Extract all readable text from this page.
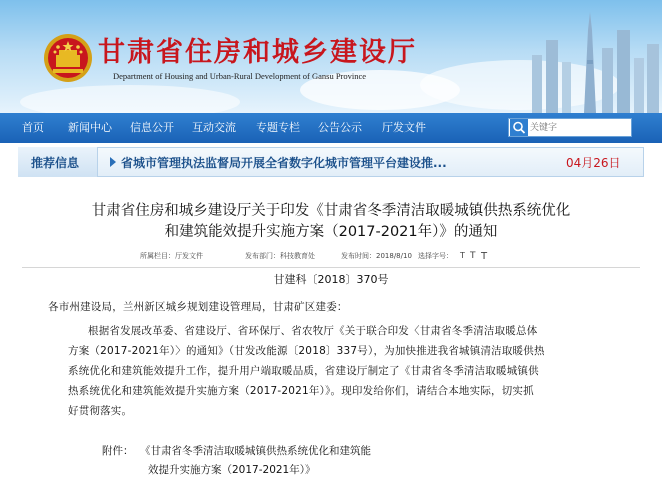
甘肃省住房和城乡建设厅
Department of Housing and Urban-Rural Development of Gansu Province
首页 新闻中心 信息公开 互动交流 专题专栏 公告公示 厅发文件
关键字
推荐信息	省城市管理执法监督局开展全省数字化城市管理平台建设推...	04月26日
甘肃省住房和城乡建设厅关于印发《甘肃省冬季清洁取暖城镇供热系统优化
和建筑能效提升实施方案（2017-2021年）》的通知
所属栏目：厅发文件	发布部门：科技教育处	发布时间：2018/8/10 选择字号： T T T
甘建科〔2018〕370号
各市州建设局，兰州新区城乡规划建设管理局，甘肃矿区建委：
根据省发展改革委、省建设厅、省环保厅、省农牧厅《关于联合印发〈甘肃省冬季清洁取暖总体
方案（2017-2021年）〉的通知》（甘发改能源〔2018〕337号），为加快推进我省城镇清洁取暖供热
系统优化和建筑能效提升工作，提升用户端取暖品质，省建设厅制定了《甘肃省冬季清洁取暖城镇供
热系统优化和建筑能效提升实施方案（2017-2021年）》。现印发给你们，请结合本地实际，切实抓
好贯彻落实。
附件： 《甘肃省冬季清洁取暖城镇供热系统优化和建筑能
效提升实施方案（2017-2021年）》
